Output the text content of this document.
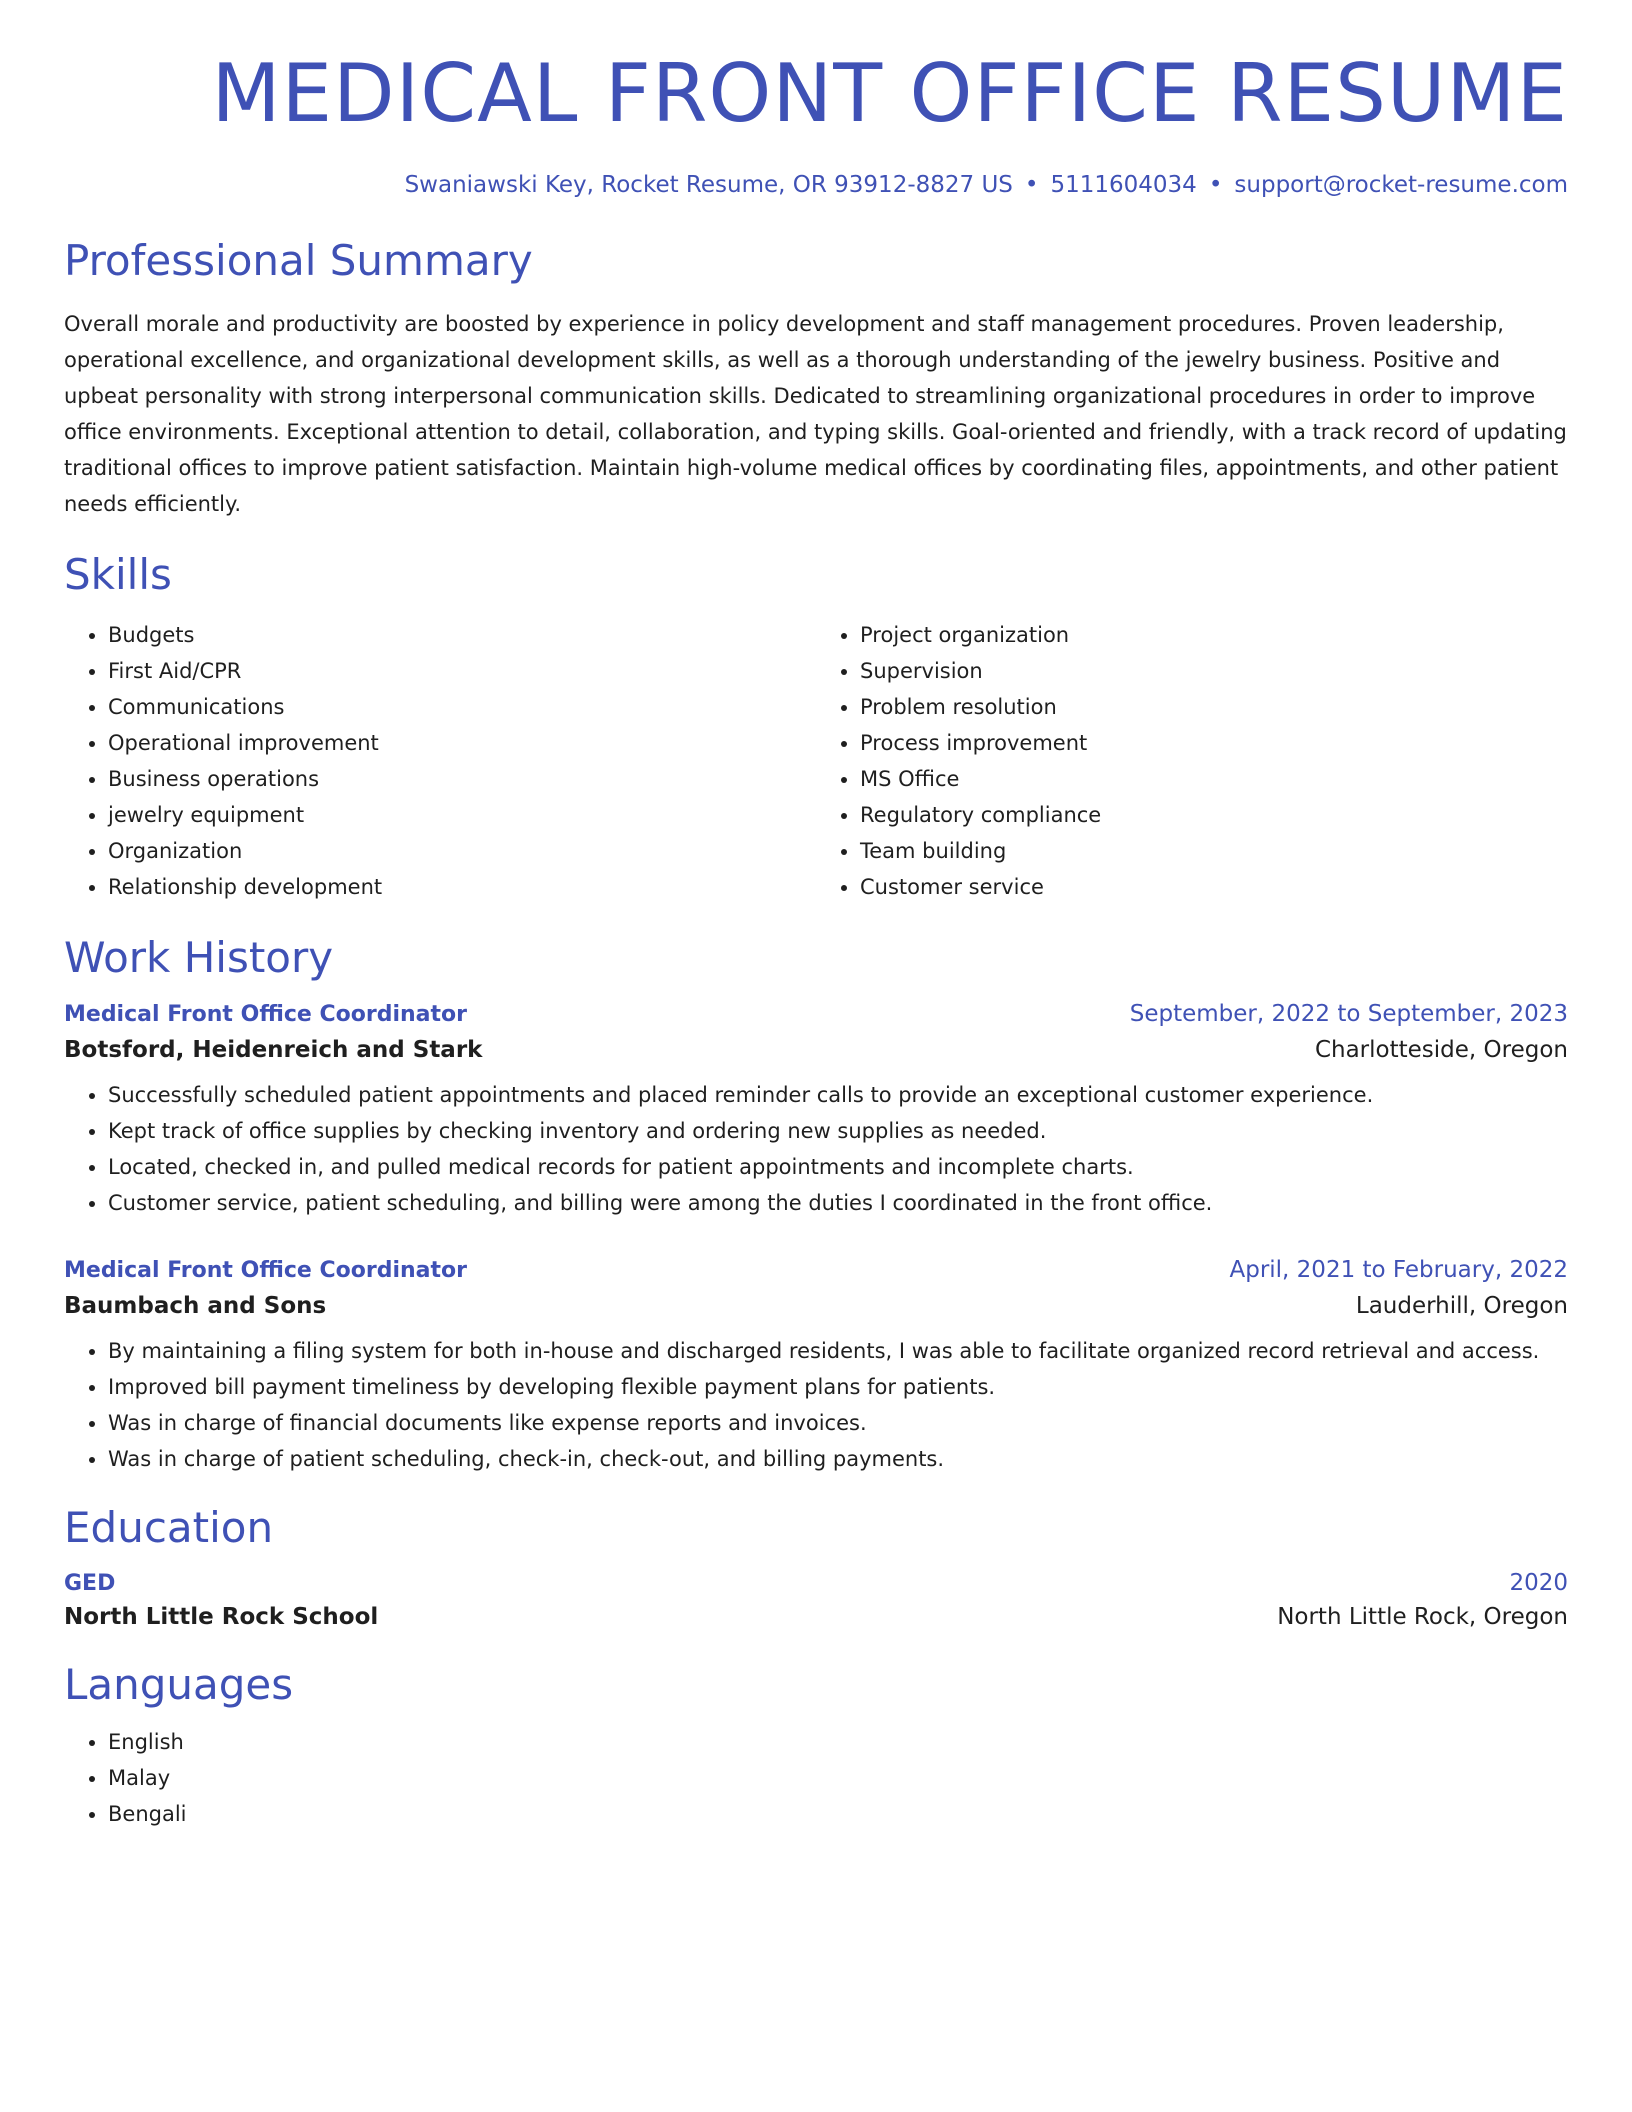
MEDICAL FRONT OFFICE RESUME
Swaniawski Key, Rocket Resume, OR 93912-8827 US • 5111604034 • support@rocket-resume.com
Professional Summary

Overall morale and productivity are boosted by experience in policy development and staff management procedures. Proven leadership, operational excellence, and organizational development skills, as well as a thorough understanding of the jewelry business. Positive and upbeat personality with strong interpersonal communication skills. Dedicated to streamlining organizational procedures in order to improve office environments. Exceptional attention to detail, collaboration, and typing skills. Goal-oriented and friendly, with a track record of updating traditional offices to improve patient satisfaction. Maintain high-volume medical offices by coordinating files, appointments, and other patient needs efficiently.

Skills
• Budgets
• First Aid/CPR
• Communications
• Operational improvement
• Business operations
• jewelry equipment
• Organization
• Relationship development
• Project organization
• Supervision
• Problem resolution
• Process improvement
• MS Office
• Regulatory compliance
• Team building
• Customer service
Work History
Medical Front Office Coordinator	September, 2022 to September, 2023
Botsford, Heidenreich and Stark	Charlotteside, Oregon
• Successfully scheduled patient appointments and placed reminder calls to provide an exceptional customer experience.
• Kept track of office supplies by checking inventory and ordering new supplies as needed.
• Located, checked in, and pulled medical records for patient appointments and incomplete charts.
• Customer service, patient scheduling, and billing were among the duties I coordinated in the front office.
Medical Front Office Coordinator	April, 2021 to February, 2022
Baumbach and Sons	Lauderhill, Oregon
• By maintaining a filing system for both in-house and discharged residents, I was able to facilitate organized record retrieval and access.
• Improved bill payment timeliness by developing flexible payment plans for patients.
• Was in charge of financial documents like expense reports and invoices.
• Was in charge of patient scheduling, check-in, check-out, and billing payments.
Education
GED	2020
North Little Rock School	North Little Rock, Oregon
Languages
• English
• Malay
• Bengali
